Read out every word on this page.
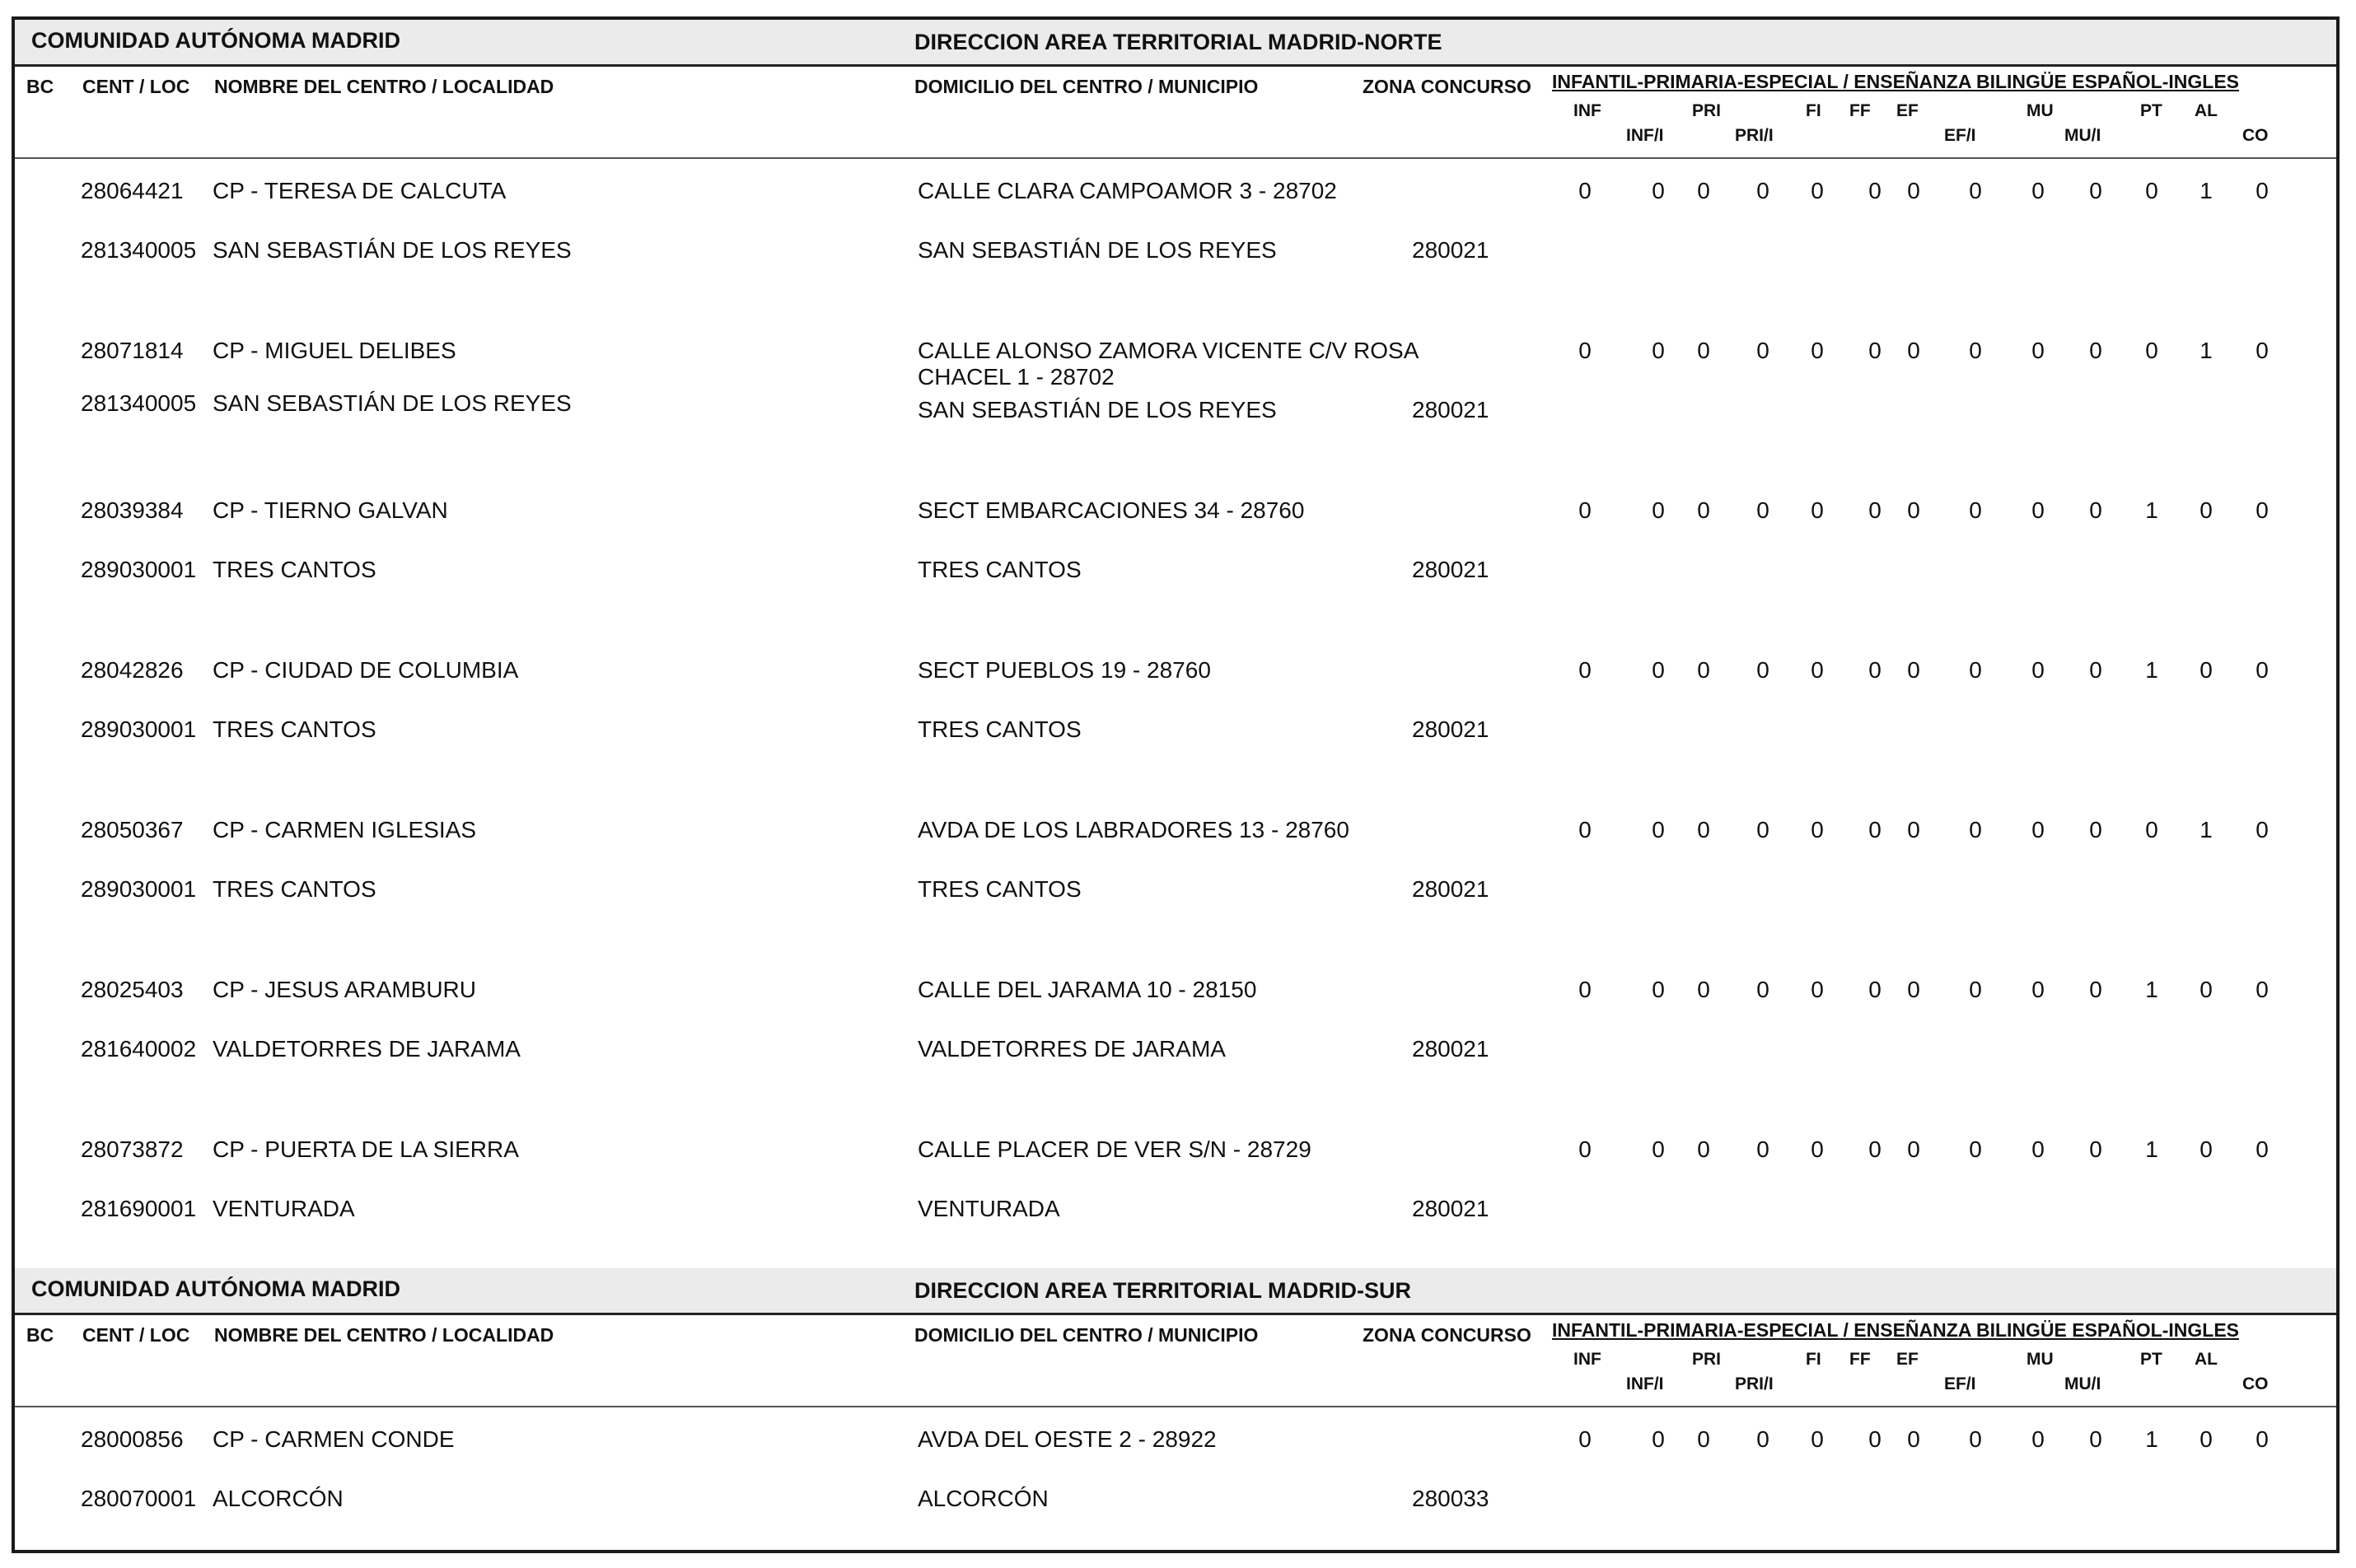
COMUNIDAD AUTÓNOMA MADRID	DIRECCION AREA TERRITORIAL MADRID-NORTE
BC CENT / LOC NOMBRE DEL CENTRO / LOCALIDAD	DOMICILIO DEL CENTRO / MUNICIPIO	ZONA CONCURSO INFANTIL-PRIMARIA-ESPECIAL / ENSEÑANZA BILINGÜE ESPAÑOL-INGLES
INF	PRI	FI FF EF	MU	PT AL
INF/I	PRI/I	EF/I	MU/I	CO
28064421 CP - TERESA DE CALCUTA	CALLE CLARA CAMPOAMOR 3 - 28702	0	0	0	0	0	0	0	0	0	0	0	1	0
281340005 SAN SEBASTIÁN DE LOS REYES	SAN SEBASTIÁN DE LOS REYES	280021
28071814 CP - MIGUEL DELIBES	CALLE ALONSO ZAMORA VICENTE C/V ROSA
CHACEL 1 - 28702
0	0	0	0	0	0	0	0	0	0	0	1	0
281340005 SAN SEBASTIÁN DE LOS REYES	SAN SEBASTIÁN DE LOS REYES	280021
28039384 CP - TIERNO GALVAN	SECT EMBARCACIONES 34 - 28760	0	0	0	0	0	0	0	0	0	0	1	0	0
289030001 TRES CANTOS	TRES CANTOS	280021
28042826 CP - CIUDAD DE COLUMBIA	SECT PUEBLOS 19 - 28760	0	0	0	0	0	0	0	0	0	0	1	0	0
289030001 TRES CANTOS	TRES CANTOS	280021
28050367 CP - CARMEN IGLESIAS	AVDA DE LOS LABRADORES 13 - 28760	0	0	0	0	0	0	0	0	0	0	0	1	0
289030001 TRES CANTOS	TRES CANTOS	280021
28025403 CP - JESUS ARAMBURU	CALLE DEL JARAMA 10 - 28150	0	0	0	0	0	0	0	0	0	0	1	0	0
281640002 VALDETORRES DE JARAMA	VALDETORRES DE JARAMA	280021
28073872 CP - PUERTA DE LA SIERRA	CALLE PLACER DE VER S/N - 28729	0	0	0	0	0	0	0	0	0	0	1	0	0
281690001 VENTURADA	VENTURADA	280021
COMUNIDAD AUTÓNOMA MADRID	DIRECCION AREA TERRITORIAL MADRID-SUR
BC CENT / LOC NOMBRE DEL CENTRO / LOCALIDAD	DOMICILIO DEL CENTRO / MUNICIPIO	ZONA CONCURSO INFANTIL-PRIMARIA-ESPECIAL / ENSEÑANZA BILINGÜE ESPAÑOL-INGLES
INF	PRI	FI FF EF	MU	PT AL
INF/I	PRI/I	EF/I	MU/I	CO
28000856 CP - CARMEN CONDE	AVDA DEL OESTE 2 - 28922	0	0	0	0	0	0	0	0	0	0	1	0	0
280070001 ALCORCÓN	ALCORCÓN	280033
